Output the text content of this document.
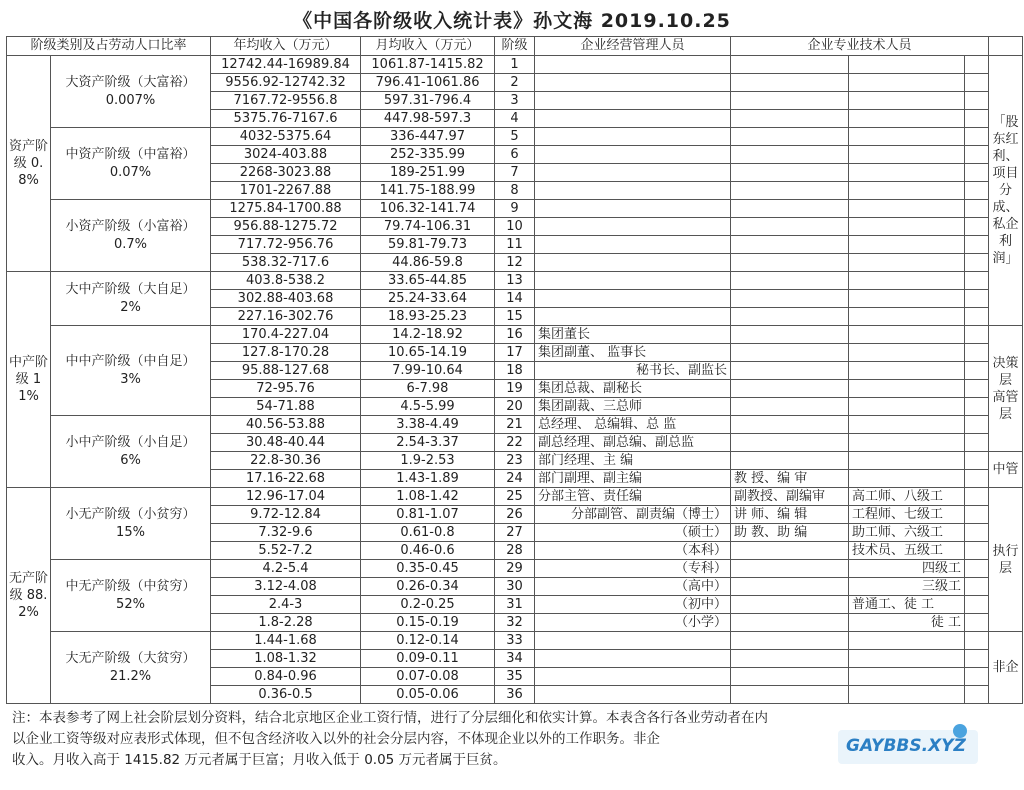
《中国各阶级收入统计表》孙文海 2019.10.25
阶级类别及占劳动人口比率		年均收入（万元）	月均收入（万元）	阶级	企业经营管理人员	企业专业技术人员			
资产阶级 0.8%	大资产阶级（大富裕）
0.007%	12742.44-16989.84	1061.87-1415.82	1					「股东红利、项目分成、私企利润」
		9556.92-12742.32	796.41-1061.86	2					
		7167.72-9556.8	597.31-796.4	3					
		5375.76-7167.6	447.98-597.3	4					

	中资产阶级（中富裕）
0.07%	4032-5375.64	336-447.97	5					
		3024-403.88	252-335.99	6					
		2268-3023.88	189-251.99	7					
		1701-2267.88	141.75-188.99	8					

	小资产阶级（小富裕）
0.7%	1275.84-1700.88	106.32-141.74	9					
		956.88-1275.72	79.74-106.31	10					
		717.72-956.76	59.81-79.73	11					
		538.32-717.6	44.86-59.8	12					
中产阶级 11%	大中产阶级（大自足）
2%	403.8-538.2	33.65-44.85	13					
		302.88-403.68	25.24-33.64	14					
		227.16-302.76	18.93-25.23	15					

	中中产阶级（中自足）
3%	170.4-227.04	14.2-18.92	16	集团董长				决策层 高管层
		127.8-170.28	10.65-14.19	17	集团副董、 监事长				
		95.88-127.68	7.99-10.64	18	秘书长、副监长				
		72-95.76	6-7.98	19	集团总裁、副秘长				
		54-71.88	4.5-5.99	20	集团副裁、三总师				

	小中产阶级（小自足）
6%	40.56-53.88	3.38-4.49	21	总经理、 总编辑、总 监				
		30.48-40.44	2.54-3.37	22	副总经理、副总编、副总监				
		22.8-30.36	1.9-2.53	23	部门经理、主 编				中管
		17.16-22.68	1.43-1.89	24	部门副理、副主编	教 授、编 审			
无产阶级 88.2%	小无产阶级（小贫穷）
15%	12.96-17.04	1.08-1.42	25	分部主管、责任编	副教授、副编审	高工师、八级工		执行层
		9.72-12.84	0.81-1.07	26	分部副管、副责编（博士）	讲 师、编 辑	工程师、七级工		
		7.32-9.6	0.61-0.8	27	（硕士）	助 教、助 编	助工师、六级工		
		5.52-7.2	0.46-0.6	28	（本科）		技术员、五级工		

	中无产阶级（中贫穷）
52%	4.2-5.4	0.35-0.45	29	（专科）		四级工		
		3.12-4.08	0.26-0.34	30	（高中）		三级工		
		2.4-3	0.2-0.25	31	（初中）		普通工、徒 工		
		1.8-2.28	0.15-0.19	32	（小学）		徒 工		

	大无产阶级（大贫穷）
21.2%	1.44-1.68	0.12-0.14	33					非企
		1.08-1.32	0.09-0.11	34					
		0.84-0.96	0.07-0.08	35					
		0.36-0.5	0.05-0.06	36					

注：本表参考了网上社会阶层划分资料，结合北京地区企业工资行情，进行了分层细化和依实计算。本表含各行各业劳动者在内

以企业工资等级对应表形式体现，但不包含经济收入以外的社会分层内容，不体现企业以外的工作职务。非企

收入。月收入高于 1415.82 万元者属于巨富；月收入低于 0.05 万元者属于巨贫。

GAYBBS.XYZ
